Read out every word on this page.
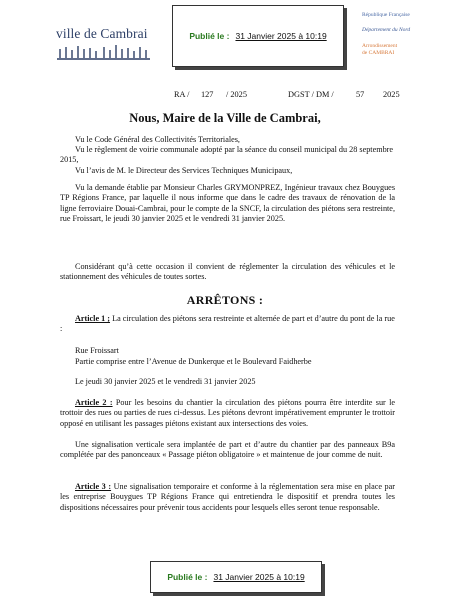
ville de Cambrai	Publié le : 31 Janvier 2025 à 10:19
République Française
Département du Nord
Arrondissement
de CAMBRAI
RA / 127 / 2025	DGST / DM /	57 2025
Nous, Maire de la Ville de Cambrai,
Vu le Code Général des Collectivités Territoriales,
Vu le règlement de voirie communale adopté par la séance du conseil municipal du 28 septembre 2015,
Vu l’avis de M. le Directeur des Services Techniques Municipaux,
Vu la demande établie par Monsieur Charles GRYMONPREZ, Ingénieur travaux chez Bouygues TP Régions France, par laquelle il nous informe que dans le cadre des travaux de rénovation de la ligne ferroviaire Douai-Cambrai, pour le compte de la SNCF, la circulation des piétons sera restreinte, rue Froissart, le jeudi 30 janvier 2025 et le vendredi 31 janvier 2025.
Considérant qu’à cette occasion il convient de réglementer la circulation des véhicules et le stationnement des véhicules de toutes sortes.
ARRÊTONS :
Article 1 ; La circulation des piétons sera restreinte et alternée de part et d’autre du pont de la rue :
Rue Froissart
Partie comprise entre l’Avenue de Dunkerque et le Boulevard Faidherbe
Le jeudi 30 janvier 2025 et le vendredi 31 janvier 2025
Article 2 : Pour les besoins du chantier la circulation des piétons pourra être interdite sur le trottoir des rues ou parties de rues ci-dessus. Les piétons devront impérativement emprunter le trottoir opposé en utilisant les passages piétons existant aux intersections des voies.
Une signalisation verticale sera implantée de part et d’autre du chantier par des panneaux B9a complétée par des panonceaux « Passage piéton obligatoire » et maintenue de jour comme de nuit.
Article 3 : Une signalisation temporaire et conforme à la réglementation sera mise en place par les entreprise Bouygues TP Régions France qui entretiendra le dispositif et prendra toutes les dispositions nécessaires pour prévenir tous accidents pour lesquels elles seront tenue responsable.
Publié le : 31 Janvier 2025 à 10:19
